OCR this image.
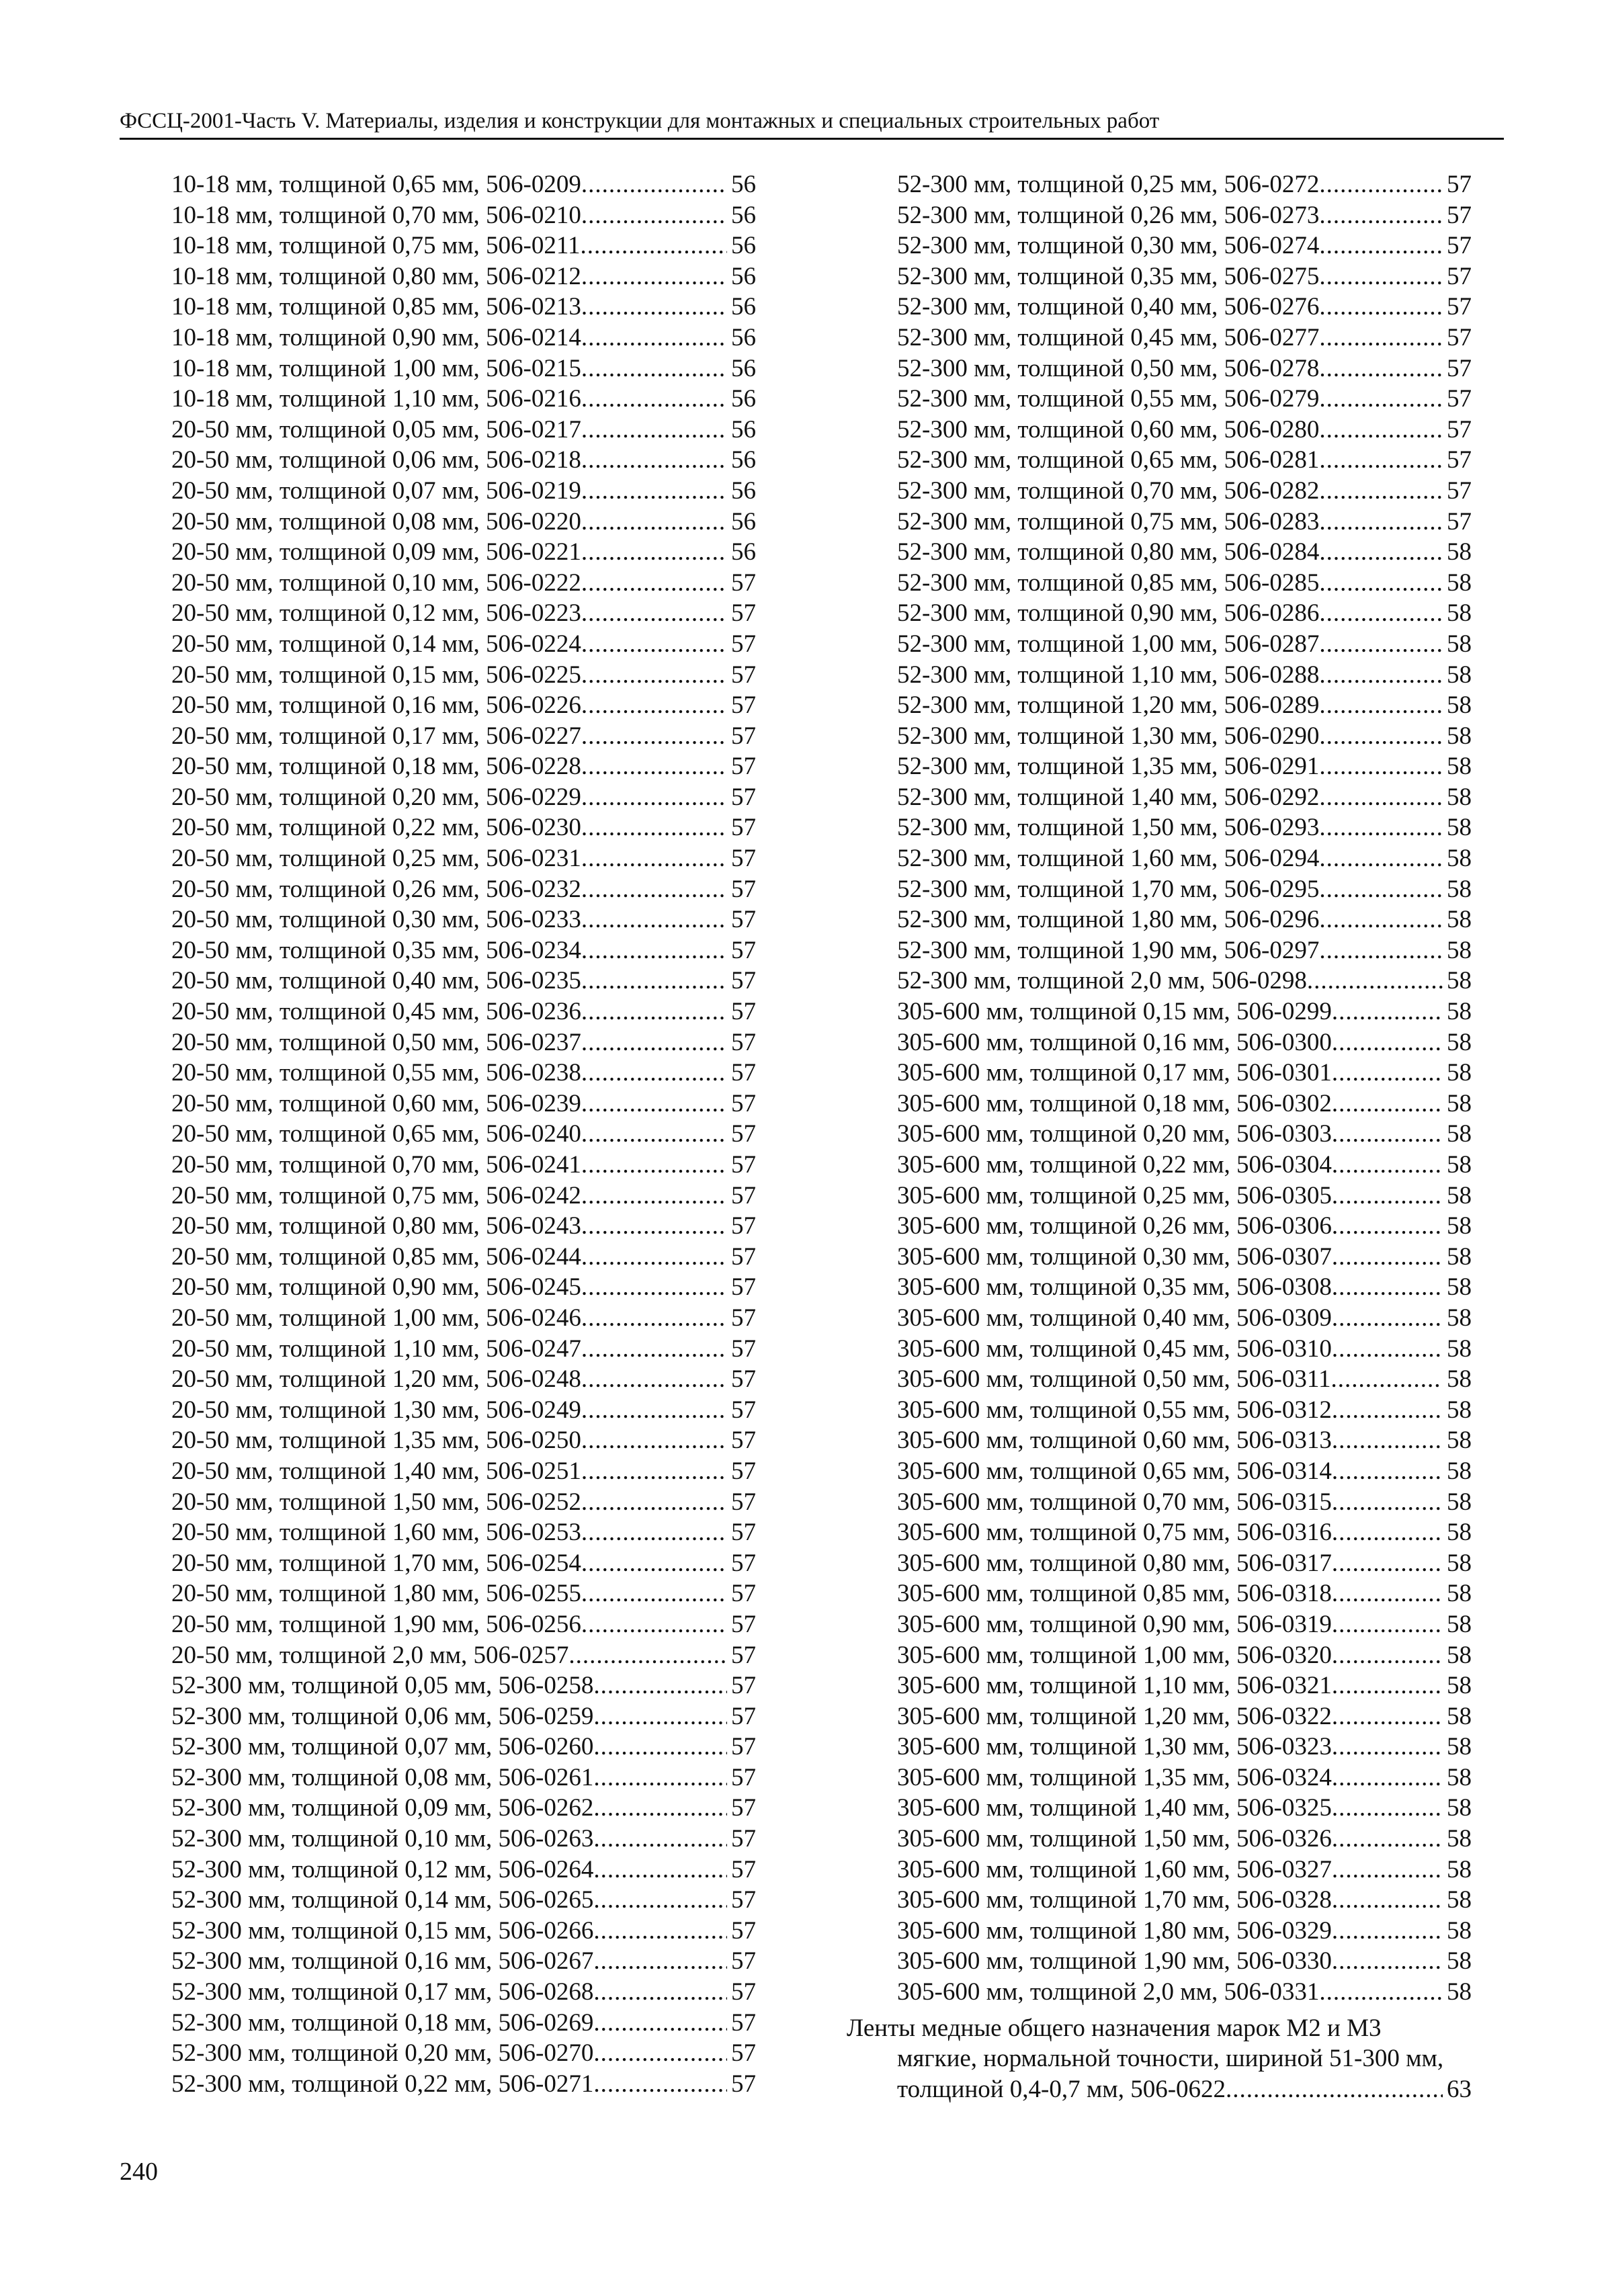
ФССЦ-2001-Часть V. Материалы, изделия и конструкции для монтажных и специальных строительных работ
10-18 мм, толщиной 0,65 мм, 506-0209 .....	56
10-18 мм, толщиной 0,70 мм, 506-0210 .....	56
10-18 мм, толщиной 0,75 мм, 506-0211 .....	56
10-18 мм, толщиной 0,80 мм, 506-0212 .....	56
10-18 мм, толщиной 0,85 мм, 506-0213 .....	56
10-18 мм, толщиной 0,90 мм, 506-0214 .....	56
10-18 мм, толщиной 1,00 мм, 506-0215 .....	56
10-18 мм, толщиной 1,10 мм, 506-0216 .....	56
20-50 мм, толщиной 0,05 мм, 506-0217 .....	56
20-50 мм, толщиной 0,06 мм, 506-0218 .....	56
20-50 мм, толщиной 0,07 мм, 506-0219 .....	56
20-50 мм, толщиной 0,08 мм, 506-0220 .....	56
20-50 мм, толщиной 0,09 мм, 506-0221 .....	56
20-50 мм, толщиной 0,10 мм, 506-0222 .....	57
20-50 мм, толщиной 0,12 мм, 506-0223 .....	57
20-50 мм, толщиной 0,14 мм, 506-0224 .....	57
20-50 мм, толщиной 0,15 мм, 506-0225 .....	57
20-50 мм, толщиной 0,16 мм, 506-0226 .....	57
20-50 мм, толщиной 0,17 мм, 506-0227 .....	57
20-50 мм, толщиной 0,18 мм, 506-0228 .....	57
20-50 мм, толщиной 0,20 мм, 506-0229 .....	57
20-50 мм, толщиной 0,22 мм, 506-0230 .....	57
20-50 мм, толщиной 0,25 мм, 506-0231 .....	57
20-50 мм, толщиной 0,26 мм, 506-0232 .....	57
20-50 мм, толщиной 0,30 мм, 506-0233 .....	57
20-50 мм, толщиной 0,35 мм, 506-0234 .....	57
20-50 мм, толщиной 0,40 мм, 506-0235 .....	57
20-50 мм, толщиной 0,45 мм, 506-0236 .....	57
20-50 мм, толщиной 0,50 мм, 506-0237 .....	57
20-50 мм, толщиной 0,55 мм, 506-0238 .....	57
20-50 мм, толщиной 0,60 мм, 506-0239 .....	57
20-50 мм, толщиной 0,65 мм, 506-0240 .....	57
20-50 мм, толщиной 0,70 мм, 506-0241 .....	57
20-50 мм, толщиной 0,75 мм, 506-0242 .....	57
20-50 мм, толщиной 0,80 мм, 506-0243 .....	57
20-50 мм, толщиной 0,85 мм, 506-0244 .....	57
20-50 мм, толщиной 0,90 мм, 506-0245 .....	57
20-50 мм, толщиной 1,00 мм, 506-0246 .....	57
20-50 мм, толщиной 1,10 мм, 506-0247 .....	57
20-50 мм, толщиной 1,20 мм, 506-0248 .....	57
20-50 мм, толщиной 1,30 мм, 506-0249 .....	57
20-50 мм, толщиной 1,35 мм, 506-0250 .....	57
20-50 мм, толщиной 1,40 мм, 506-0251 .....	57
20-50 мм, толщиной 1,50 мм, 506-0252 .....	57
20-50 мм, толщиной 1,60 мм, 506-0253 .....	57
20-50 мм, толщиной 1,70 мм, 506-0254 .....	57
20-50 мм, толщиной 1,80 мм, 506-0255 .....	57
20-50 мм, толщиной 1,90 мм, 506-0256 .....	57
20-50 мм, толщиной 2,0 мм, 506-0257 .....	57
52-300 мм, толщиной 0,05 мм, 506-0258 .....	57
52-300 мм, толщиной 0,06 мм, 506-0259 .....	57
52-300 мм, толщиной 0,07 мм, 506-0260 .....	57
52-300 мм, толщиной 0,08 мм, 506-0261 .....	57
52-300 мм, толщиной 0,09 мм, 506-0262 .....	57
52-300 мм, толщиной 0,10 мм, 506-0263 .....	57
52-300 мм, толщиной 0,12 мм, 506-0264 .....	57
52-300 мм, толщиной 0,14 мм, 506-0265 .....	57
52-300 мм, толщиной 0,15 мм, 506-0266 .....	57
52-300 мм, толщиной 0,16 мм, 506-0267 .....	57
52-300 мм, толщиной 0,17 мм, 506-0268 .....	57
52-300 мм, толщиной 0,18 мм, 506-0269 .....	57
52-300 мм, толщиной 0,20 мм, 506-0270 .....	57
52-300 мм, толщиной 0,22 мм, 506-0271 .....	57
52-300 мм, толщиной 0,25 мм, 506-0272 .....	57
52-300 мм, толщиной 0,26 мм, 506-0273 .....	57
52-300 мм, толщиной 0,30 мм, 506-0274 .....	57
52-300 мм, толщиной 0,35 мм, 506-0275 .....	57
52-300 мм, толщиной 0,40 мм, 506-0276 .....	57
52-300 мм, толщиной 0,45 мм, 506-0277 .....	57
52-300 мм, толщиной 0,50 мм, 506-0278 .....	57
52-300 мм, толщиной 0,55 мм, 506-0279 .....	57
52-300 мм, толщиной 0,60 мм, 506-0280 .....	57
52-300 мм, толщиной 0,65 мм, 506-0281 .....	57
52-300 мм, толщиной 0,70 мм, 506-0282 .....	57
52-300 мм, толщиной 0,75 мм, 506-0283 .....	57
52-300 мм, толщиной 0,80 мм, 506-0284 .....	58
52-300 мм, толщиной 0,85 мм, 506-0285 .....	58
52-300 мм, толщиной 0,90 мм, 506-0286 .....	58
52-300 мм, толщиной 1,00 мм, 506-0287 .....	58
52-300 мм, толщиной 1,10 мм, 506-0288 .....	58
52-300 мм, толщиной 1,20 мм, 506-0289 .....	58
52-300 мм, толщиной 1,30 мм, 506-0290 .....	58
52-300 мм, толщиной 1,35 мм, 506-0291 .....	58
52-300 мм, толщиной 1,40 мм, 506-0292 .....	58
52-300 мм, толщиной 1,50 мм, 506-0293 .....	58
52-300 мм, толщиной 1,60 мм, 506-0294 .....	58
52-300 мм, толщиной 1,70 мм, 506-0295 .....	58
52-300 мм, толщиной 1,80 мм, 506-0296 .....	58
52-300 мм, толщиной 1,90 мм, 506-0297 .....	58
52-300 мм, толщиной 2,0 мм, 506-0298 .....	58
305-600 мм, толщиной 0,15 мм, 506-0299 .....	58
305-600 мм, толщиной 0,16 мм, 506-0300 .....	58
305-600 мм, толщиной 0,17 мм, 506-0301 .....	58
305-600 мм, толщиной 0,18 мм, 506-0302 .....	58
305-600 мм, толщиной 0,20 мм, 506-0303 .....	58
305-600 мм, толщиной 0,22 мм, 506-0304 .....	58
305-600 мм, толщиной 0,25 мм, 506-0305 .....	58
305-600 мм, толщиной 0,26 мм, 506-0306 .....	58
305-600 мм, толщиной 0,30 мм, 506-0307 .....	58
305-600 мм, толщиной 0,35 мм, 506-0308 .....	58
305-600 мм, толщиной 0,40 мм, 506-0309 .....	58
305-600 мм, толщиной 0,45 мм, 506-0310 .....	58
305-600 мм, толщиной 0,50 мм, 506-0311 .....	58
305-600 мм, толщиной 0,55 мм, 506-0312 .....	58
305-600 мм, толщиной 0,60 мм, 506-0313 .....	58
305-600 мм, толщиной 0,65 мм, 506-0314 .....	58
305-600 мм, толщиной 0,70 мм, 506-0315 .....	58
305-600 мм, толщиной 0,75 мм, 506-0316 .....	58
305-600 мм, толщиной 0,80 мм, 506-0317 .....	58
305-600 мм, толщиной 0,85 мм, 506-0318 .....	58
305-600 мм, толщиной 0,90 мм, 506-0319 .....	58
305-600 мм, толщиной 1,00 мм, 506-0320 .....	58
305-600 мм, толщиной 1,10 мм, 506-0321 .....	58
305-600 мм, толщиной 1,20 мм, 506-0322 .....	58
305-600 мм, толщиной 1,30 мм, 506-0323 .....	58
305-600 мм, толщиной 1,35 мм, 506-0324 .....	58
305-600 мм, толщиной 1,40 мм, 506-0325 .....	58
305-600 мм, толщиной 1,50 мм, 506-0326 .....	58
305-600 мм, толщиной 1,60 мм, 506-0327 .....	58
305-600 мм, толщиной 1,70 мм, 506-0328 .....	58
305-600 мм, толщиной 1,80 мм, 506-0329 .....	58
305-600 мм, толщиной 1,90 мм, 506-0330 .....	58
305-600 мм, толщиной 2,0 мм, 506-0331 .....	58
Ленты медные общего назначения марок М2 и М3
мягкие, нормальной точности, шириной 51-300 мм,
толщиной 0,4-0,7 мм, 506-0622 .....	63
240
